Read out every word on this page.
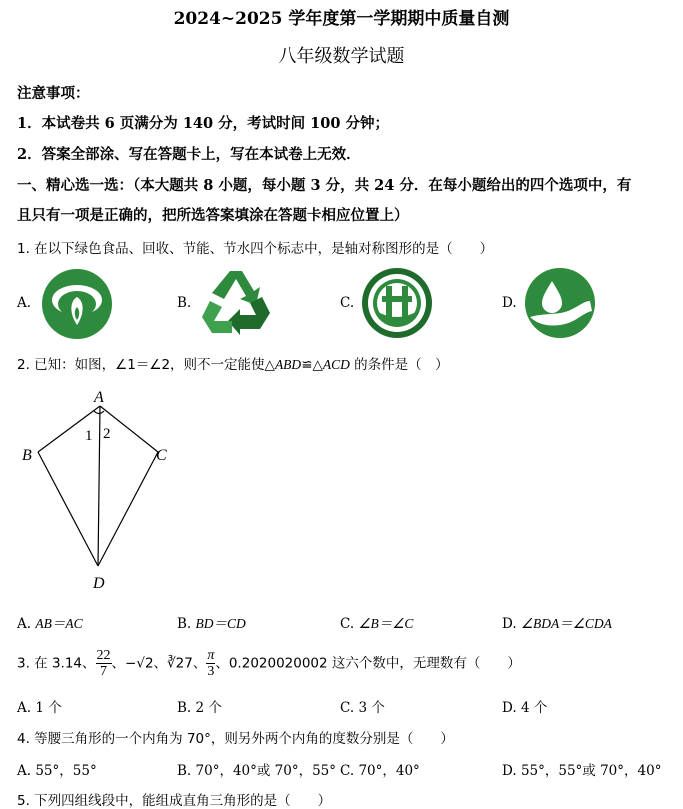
2024~2025 学年度第一学期期中质量自测
八年级数学试题
注意事项：
1．本试卷共 6 页满分为 140 分，考试时间 100 分钟；
2．答案全部涂、写在答题卡上，写在本试卷上无效．
一、精心选一选：（本大题共 8 小题，每小题 3 分，共 24 分．在每小题给出的四个选项中，有
且只有一项是正确的，把所选答案填涂在答题卡相应位置上）
1. 在以下绿色食品、回收、节能、节水四个标志中，是轴对称图形的是（　　）
A.	B.	C.	D.
2. 已知：如图，∠1＝∠2，则不一定能使△ABD≌△ACD 的条件是（　）
A
B	C
D
1 2
A. AB＝AC	B. BD＝CD	C. ∠B＝∠C	D. ∠BDA＝∠CDA
3. 在 3.14、 $\frac{22}{7}$ 、−√2、∛27、 $\frac{\pi}{3}$ 、0.2020020002 这六个数中，无理数有（　　）
A. 1 个	B. 2 个	C. 3 个	D. 4 个
4. 等腰三角形的一个内角为 70°，则另外两个内角的度数分别是（　　）
A. 55°，55°	B. 70°，40°或 70°，55° C. 70°，40°	D. 55°，55°或 70°，40°
5. 下列四组线段中，能组成直角三角形的是（　　）
